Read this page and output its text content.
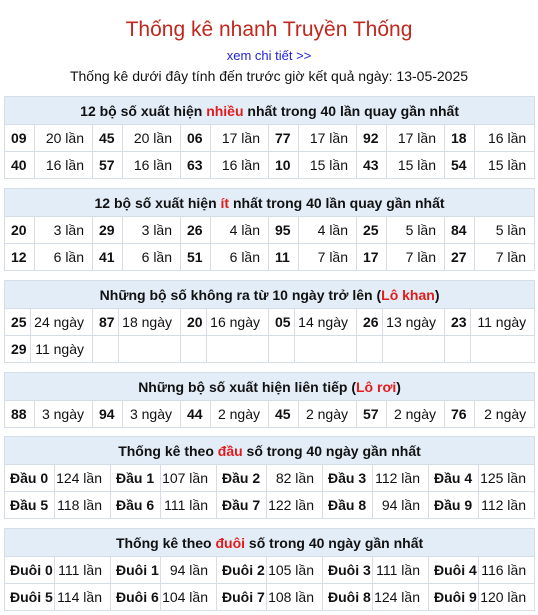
Thống kê nhanh Truyền Thống
xem chi tiết >>
Thống kê dưới đây tính đến trước giờ kết quả ngày: 13-05-2025
12 bộ số xuất hiện nhiều nhất trong 40 lần quay gần nhất											
09	20 lần	45	20 lần	06	17 lần	77	17 lần	92	17 lần	18	16 lần
40	16 lần	57	16 lần	63	16 lần	10	15 lần	43	15 lần	54	15 lần
12 bộ số xuất hiện ít nhất trong 40 lần quay gần nhất											
20	3 lần	29	3 lần	26	4 lần	95	4 lần	25	5 lần	84	5 lần
12	6 lần	41	6 lần	51	6 lần	11	7 lần	17	7 lần	27	7 lần
Những bộ số không ra từ 10 ngày trở lên (Lô khan)											
25	24 ngày	87	18 ngày	20	16 ngày	05	14 ngày	26	13 ngày	23	11 ngày
29	11 ngày										
Những bộ số xuất hiện liên tiếp (Lô rơi)
88	3 ngày	94	3 ngày	44	2 ngày	45	2 ngày	57	2 ngày	76	2 ngày
Thống kê theo đầu số trong 40 ngày gần nhất									
Đầu 0	124 lần	Đầu 1	107 lần	Đầu 2	82 lần	Đầu 3	112 lần	Đầu 4	125 lần
Đầu 5	118 lần	Đầu 6	111 lần	Đầu 7	122 lần	Đầu 8	94 lần	Đầu 9	112 lần
Thống kê theo đuôi số trong 40 ngày gần nhất									
Đuôi 0	111 lần	Đuôi 1	94 lần	Đuôi 2	105 lần	Đuôi 3	111 lần	Đuôi 4	116 lần
Đuôi 5	114 lần	Đuôi 6	104 lần	Đuôi 7	108 lần	Đuôi 8	124 lần	Đuôi 9	120 lần
